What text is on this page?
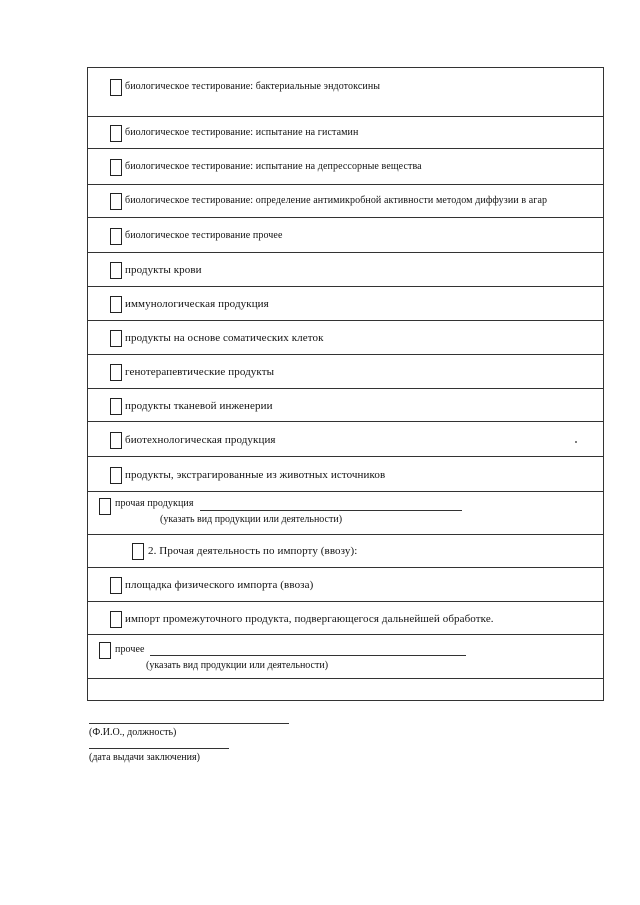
биологическое тестирование: бактериальные эндотоксины
биологическое тестирование: испытание на гистамин
биологическое тестирование: испытание на депрессорные вещества
биологическое тестирование: определение антимикробной активности методом диффузии в агар
биологическое тестирование прочее
продукты крови
иммунологическая продукция
продукты на основе соматических клеток
генотерапевтические продукты
продукты тканевой инженерии
биотехнологическая продукция
продукты, экстрагированные из животных источников
прочая продукция
(указать вид продукции или деятельности)
2. Прочая деятельность по импорту (ввозу):
площадка физического импорта (ввоза)
импорт промежуточного продукта, подвергающегося дальнейшей обработке.
прочее
(указать вид продукции или деятельности)
(Ф.И.О., должность)
(дата выдачи заключения)
